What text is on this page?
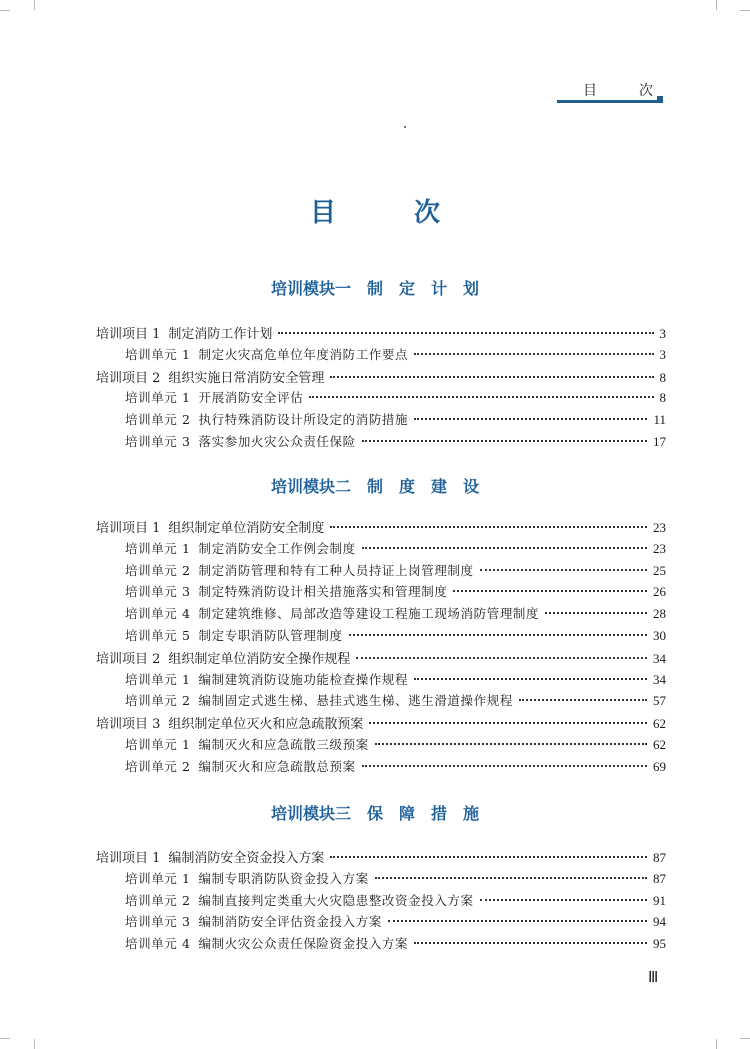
目	次
目	次
培训模块一　制　定　计　划
培训项目 1 制定消防工作计划	3
培训单元 1 制定火灾高危单位年度消防工作要点	3
培训项目 2 组织实施日常消防安全管理	8
培训单元 1 开展消防安全评估	8
培训单元 2 执行特殊消防设计所设定的消防措施	11
培训单元 3 落实参加火灾公众责任保险	17
培训模块二　制　度　建　设
培训项目 1 组织制定单位消防安全制度	23
培训单元 1 制定消防安全工作例会制度	23
培训单元 2 制定消防管理和特有工种人员持证上岗管理制度	25
培训单元 3 制定特殊消防设计相关措施落实和管理制度	26
培训单元 4 制定建筑维修、局部改造等建设工程施工现场消防管理制度	28
培训单元 5 制定专职消防队管理制度	30
培训项目 2 组织制定单位消防安全操作规程	34
培训单元 1 编制建筑消防设施功能检查操作规程	34
培训单元 2 编制固定式逃生梯、悬挂式逃生梯、逃生滑道操作规程	57
培训项目 3 组织制定单位灭火和应急疏散预案	62
培训单元 1 编制灭火和应急疏散三级预案	62
培训单元 2 编制灭火和应急疏散总预案	69
培训模块三　保　障　措　施
培训项目 1 编制消防安全资金投入方案	87
培训单元 1 编制专职消防队资金投入方案	87
培训单元 2 编制直接判定类重大火灾隐患整改资金投入方案	91
培训单元 3 编制消防安全评估资金投入方案	94
培训单元 4 编制火灾公众责任保险资金投入方案	95
Ⅲ
